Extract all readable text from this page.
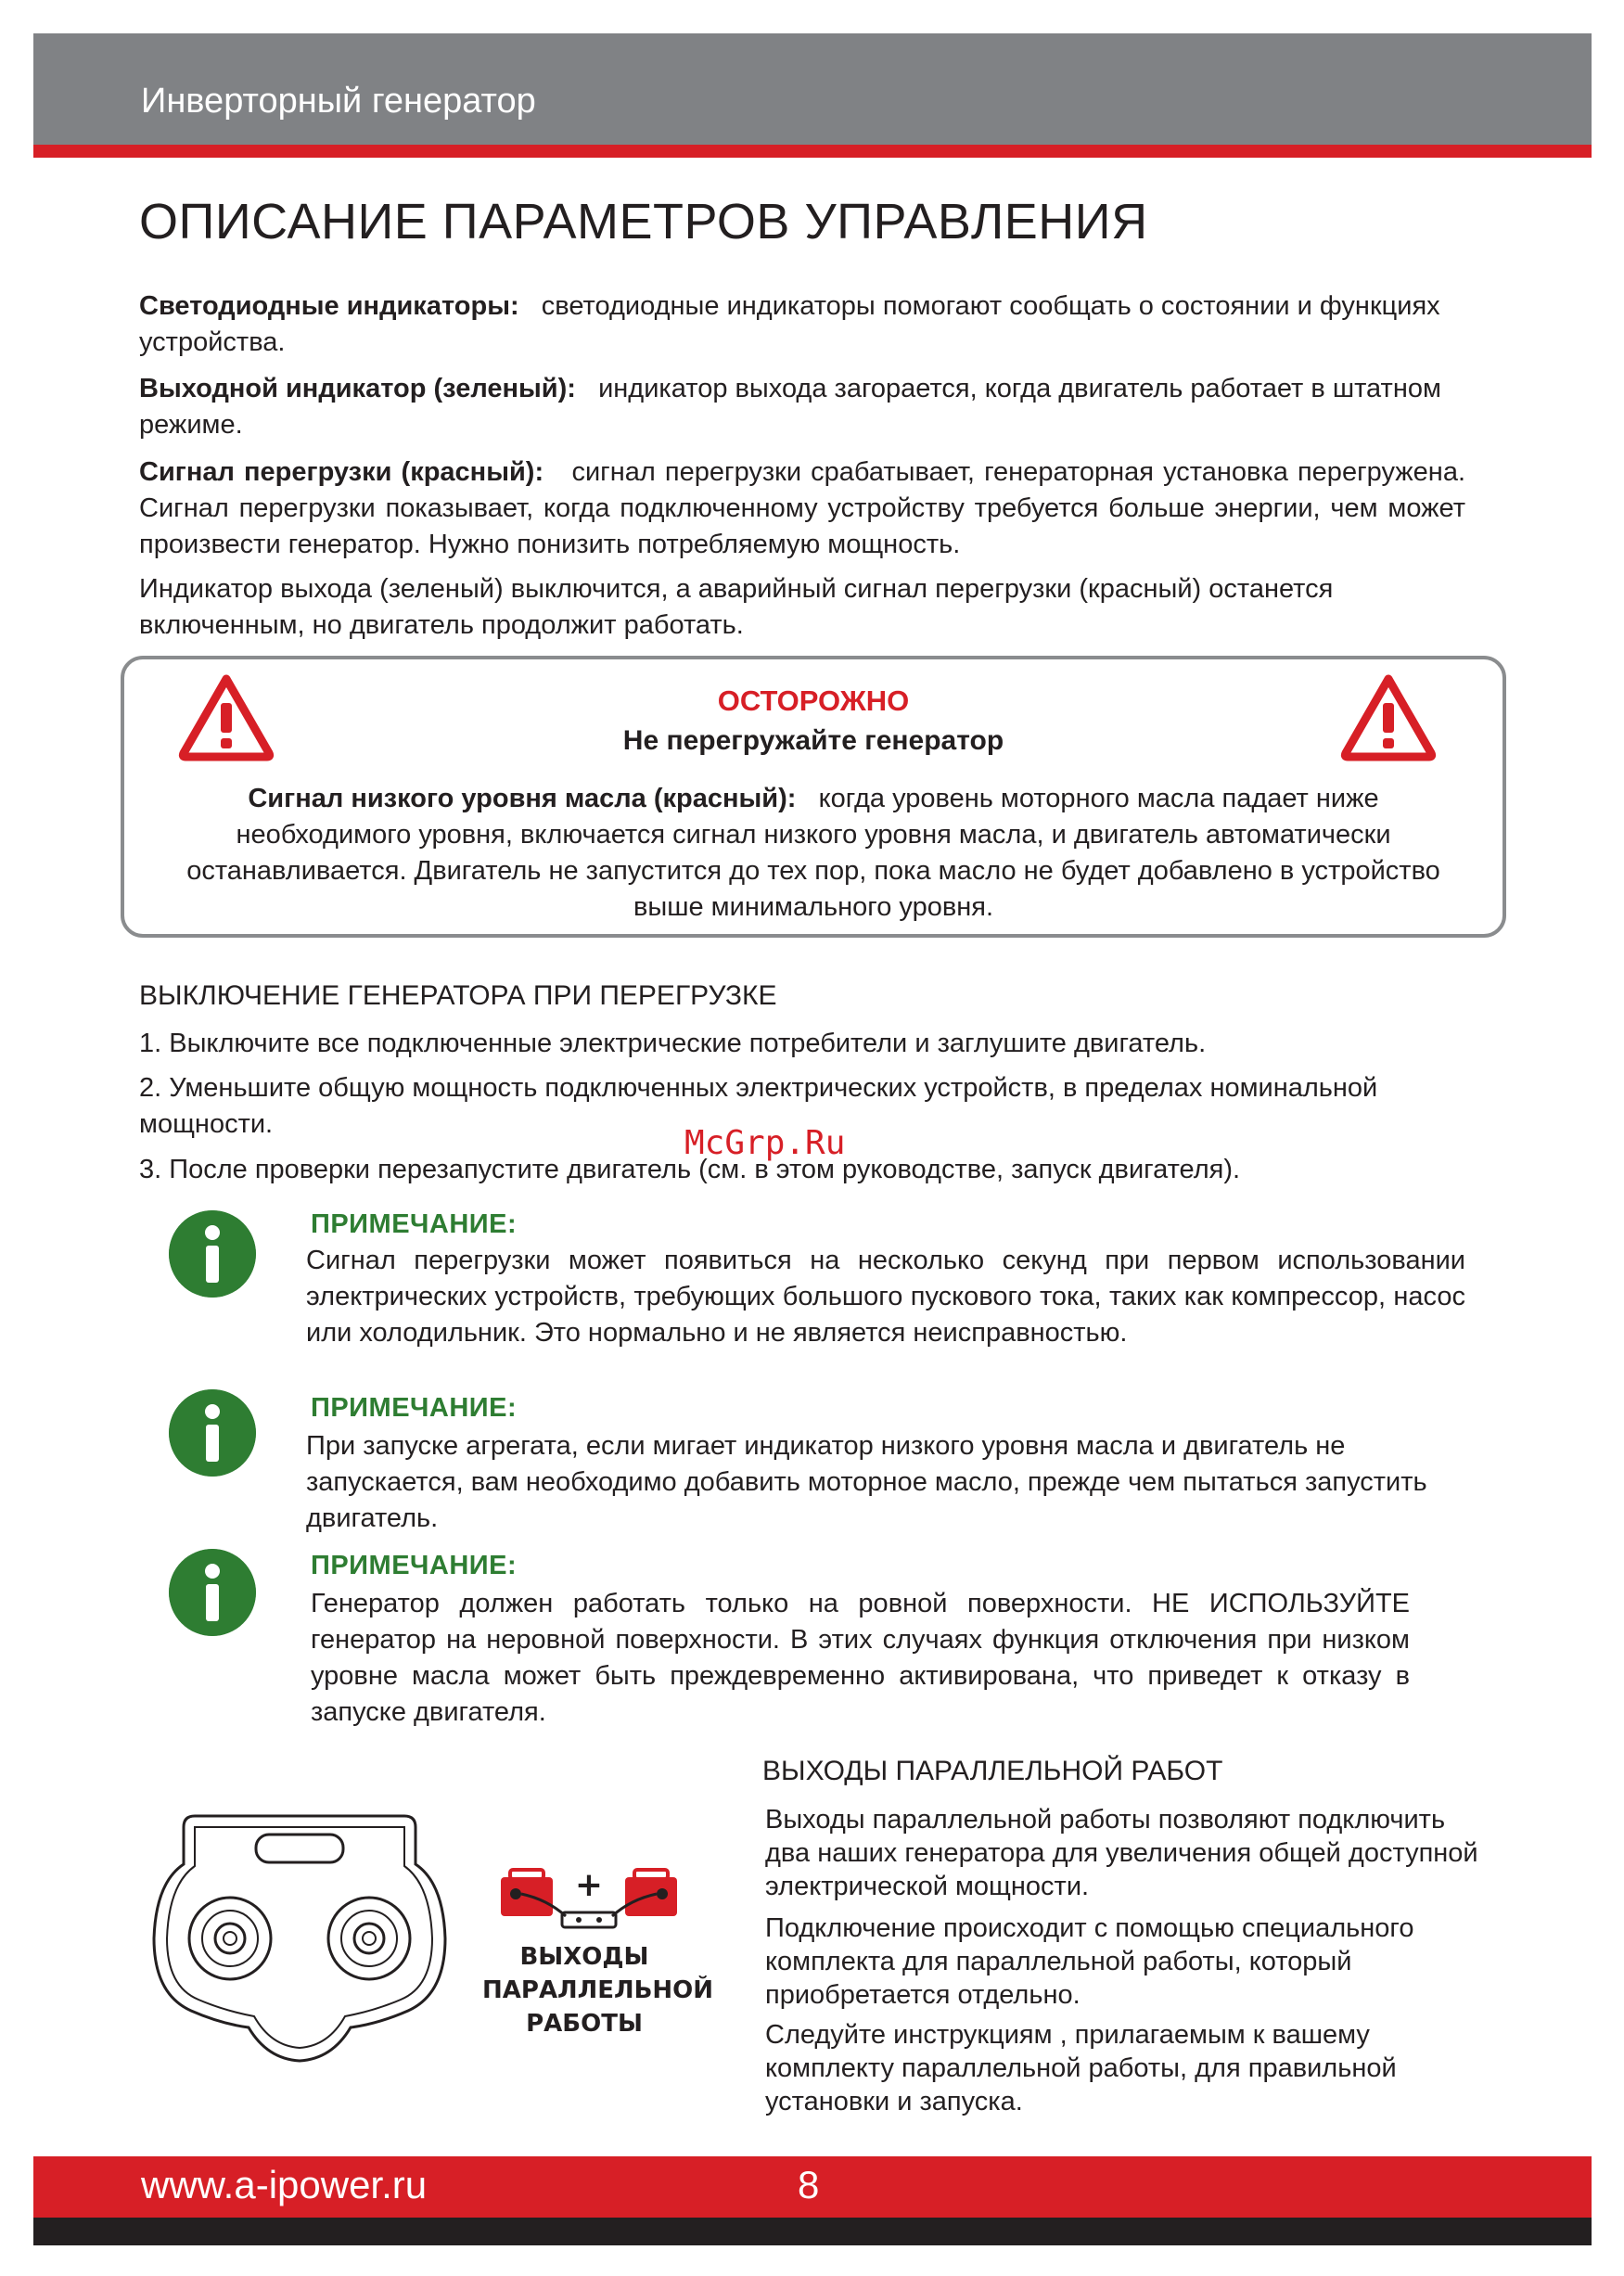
Инверторный генератор
ОПИСАНИЕ ПАРАМЕТРОВ УПРАВЛЕНИЯ

Светодиодные индикаторы: светодиодные индикаторы помогают сообщать о состоянии и функциях устройства.

Выходной индикатор (зеленый): индикатор выхода загорается, когда двигатель работает в штатном режиме.

Сигнал перегрузки (красный): сигнал перегрузки срабатывает, генераторная установка перегружена. Сигнал перегрузки показывает, когда подключенному устройству требуется больше энергии, чем может произвести генератор. Нужно понизить потребляемую мощность.

Индикатор выхода (зеленый) выключится, а аварийный сигнал перегрузки (красный) останется включенным, но двигатель продолжит работать.

ОСТОРОЖНО
Не перегружайте генератор

Сигнал низкого уровня масла (красный): когда уровень моторного масла падает ниже необходимого уровня, включается сигнал низкого уровня масла, и двигатель автоматически останавливается. Двигатель не запустится до тех пор, пока масло не будет добавлено в устройство выше минимального уровня.

ВЫКЛЮЧЕНИЕ ГЕНЕРАТОРА ПРИ ПЕРЕГРУЗКЕ

1. Выключите все подключенные электрические потребители и заглушите двигатель.

2. Уменьшите общую мощность подключенных электрических устройств, в пределах номинальной мощности.

3. После проверки перезапустите двигатель (см. в этом руководстве, запуск двигателя).

McGrp.Ru
ПРИМЕЧАНИЕ:

Сигнал перегрузки может появиться на несколько секунд при первом использовании электрических устройств, требующих большого пускового тока, таких как компрессор, насос или холодильник. Это нормально и не является неисправностью.

ПРИМЕЧАНИЕ:

При запуске агрегата, если мигает индикатор низкого уровня масла и двигатель не запускается, вам необходимо добавить моторное масло, прежде чем пытаться запустить двигатель.

ПРИМЕЧАНИЕ:

Генератор должен работать только на ровной поверхности. НЕ ИСПОЛЬЗУЙТЕ генератор на неровной поверхности. В этих случаях функция отключения при низком уровне масла может быть преждевременно активирована, что приведет к отказу в запуске двигателя.

+
ВЫХОДЫ
ПАРАЛЛЕЛЬНОЙ
РАБОТЫ
ВЫХОДЫ ПАРАЛЛЕЛЬНОЙ РАБОТ

Выходы параллельной работы позволяют подключить два наших генератора для увеличения общей доступной электрической мощности.

Подключение происходит с помощью специального комплекта для параллельной работы, который приобретается отдельно.

Следуйте инструкциям , прилагаемым к вашему комплекту параллельной работы, для правильной установки и запуска.

www.a-ipower.ru	8
